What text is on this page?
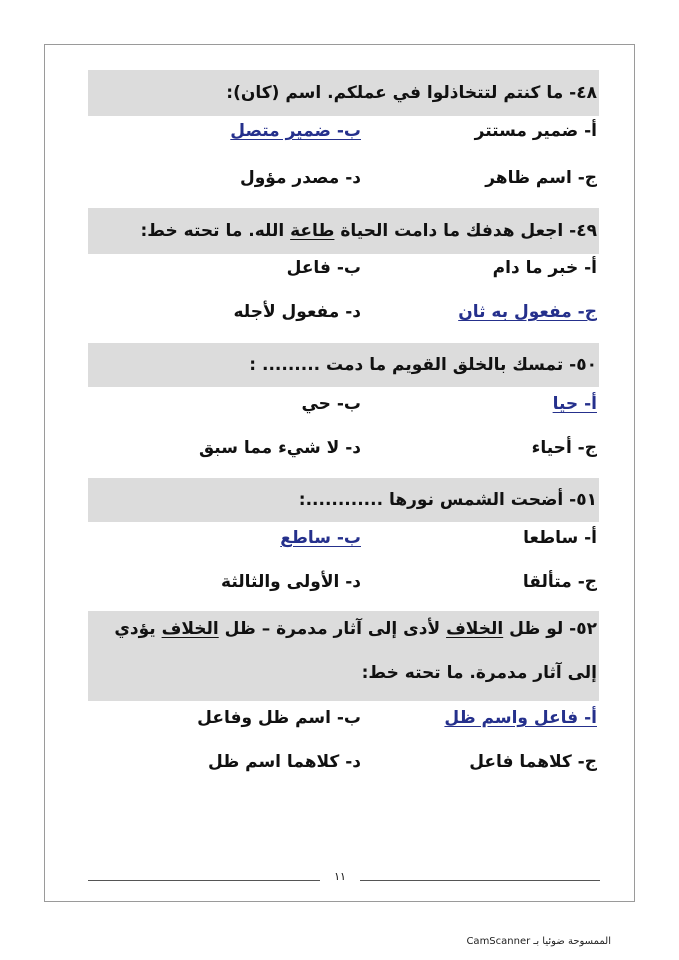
٤٨- ما كنتم لتتخاذلوا في عملكم. اسم (كان):
أ- ضمير مستتر
ب- ضمير متصل
ج- اسم ظاهر
د- مصدر مؤول
٤٩- اجعل هدفك ما دامت الحياة طاعة الله. ما تحته خط:
أ- خبر ما دام
ب- فاعل
ج- مفعول به ثان
د- مفعول لأجله
٥٠- تمسك بالخلق القويم ما دمت ......... :
أ- حيا
ب- حي
ج- أحياء
د- لا شيء مما سبق
٥١- أضحت الشمس نورها ............:
أ- ساطعا
ب- ساطع
ج- متألقا
د- الأولى والثالثة
٥٢- لو ظل الخلاف لأدى إلى آثار مدمرة – ظل الخلاف يؤدي
إلى آثار مدمرة. ما تحته خط:
أ- فاعل واسم ظل
ب- اسم ظل وفاعل
ج- كلاهما فاعل
د- كلاهما اسم ظل
١١
الممسوحة ضوئيا بـ CamScanner
